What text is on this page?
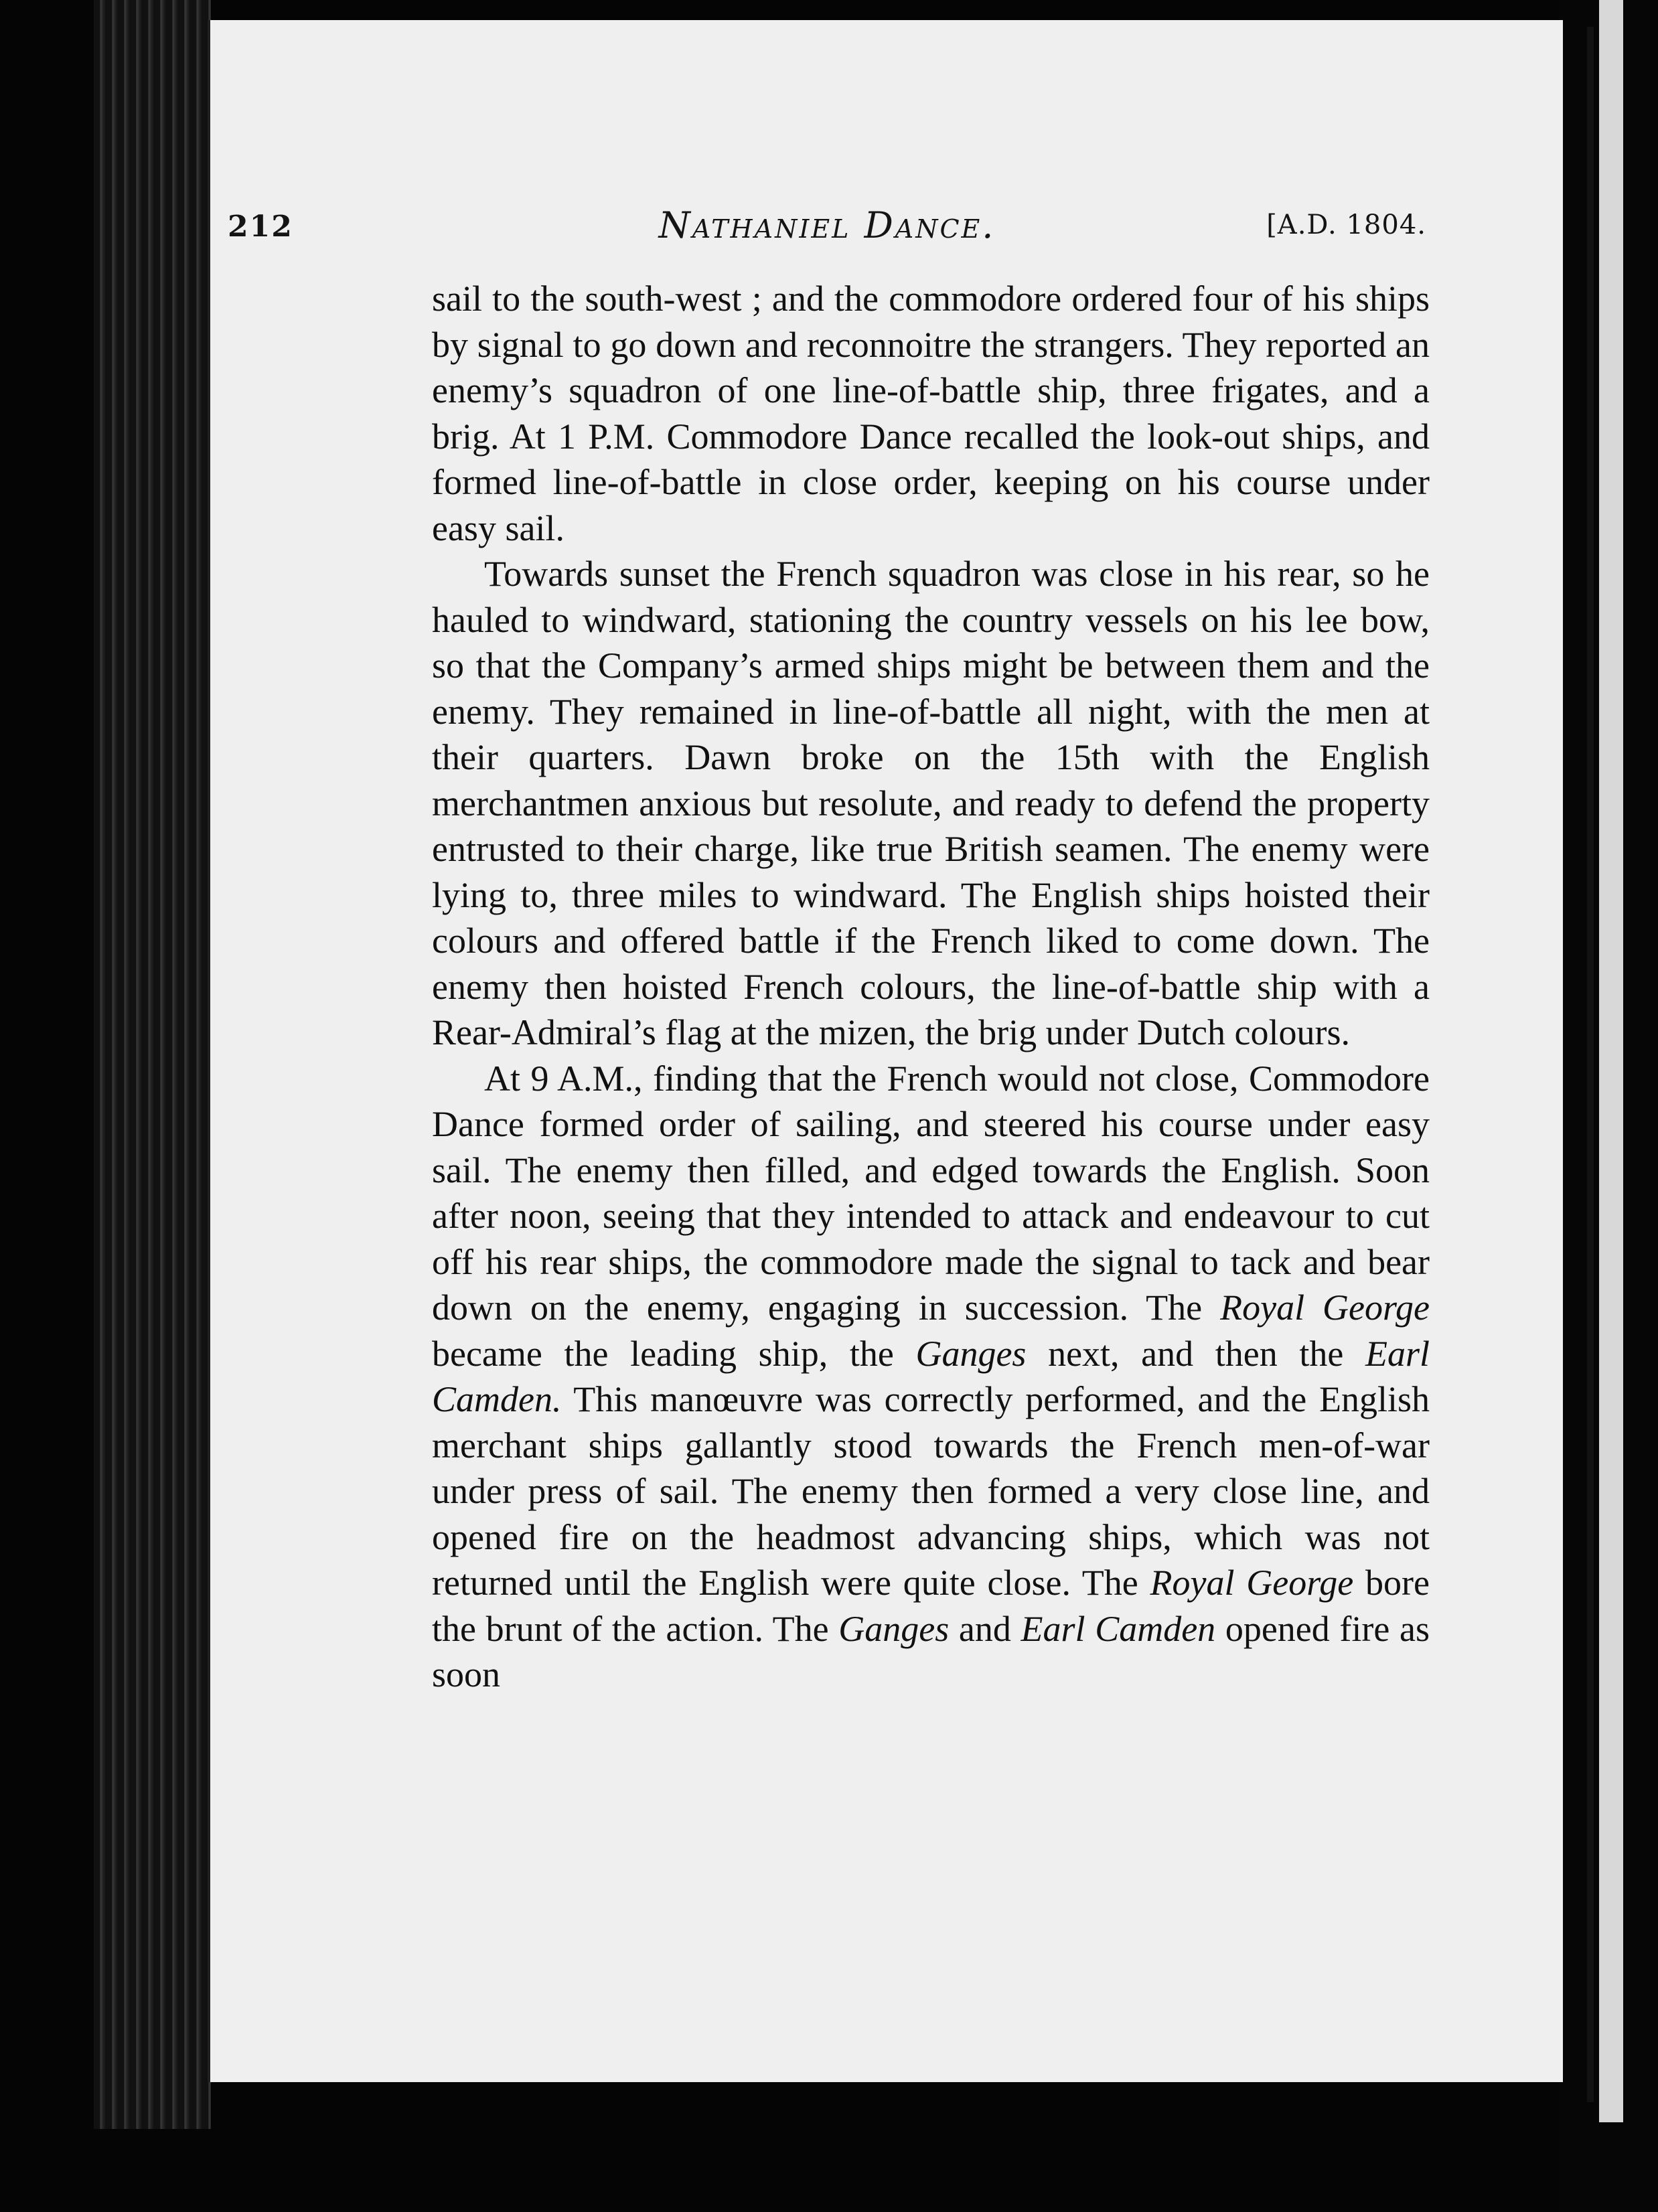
212	Nathaniel Dance.	[A.D. 1804.

sail to the south-west ; and the commodore ordered four of his ships by signal to go down and reconnoitre the strangers. They reported an enemy’s squadron of one line-of-battle ship, three frigates, and a brig. At 1 P.M. Commodore Dance recalled the look-out ships, and formed line-of-battle in close order, keeping on his course under easy sail.

Towards sunset the French squadron was close in his rear, so he hauled to windward, stationing the country vessels on his lee bow, so that the Company’s armed ships might be between them and the enemy. They remained in line-of-battle all night, with the men at their quarters. Dawn broke on the 15th with the English merchantmen anxious but resolute, and ready to defend the property entrusted to their charge, like true British seamen. The enemy were lying to, three miles to windward. The English ships hoisted their colours and offered battle if the French liked to come down. The enemy then hoisted French colours, the line-of-battle ship with a Rear-Admiral’s flag at the mizen, the brig under Dutch colours.

At 9 A.M., finding that the French would not close, Commodore Dance formed order of sailing, and steered his course under easy sail. The enemy then filled, and edged towards the English. Soon after noon, seeing that they intended to attack and endeavour to cut off his rear ships, the commodore made the signal to tack and bear down on the enemy, engaging in succession. The Royal George became the leading ship, the Ganges next, and then the Earl Camden. This manœuvre was correctly performed, and the English merchant ships gallantly stood towards the French men-of-war under press of sail. The enemy then formed a very close line, and opened fire on the headmost advancing ships, which was not returned until the English were quite close. The Royal George bore the brunt of the action. The Ganges and Earl Camden opened fire as soon
